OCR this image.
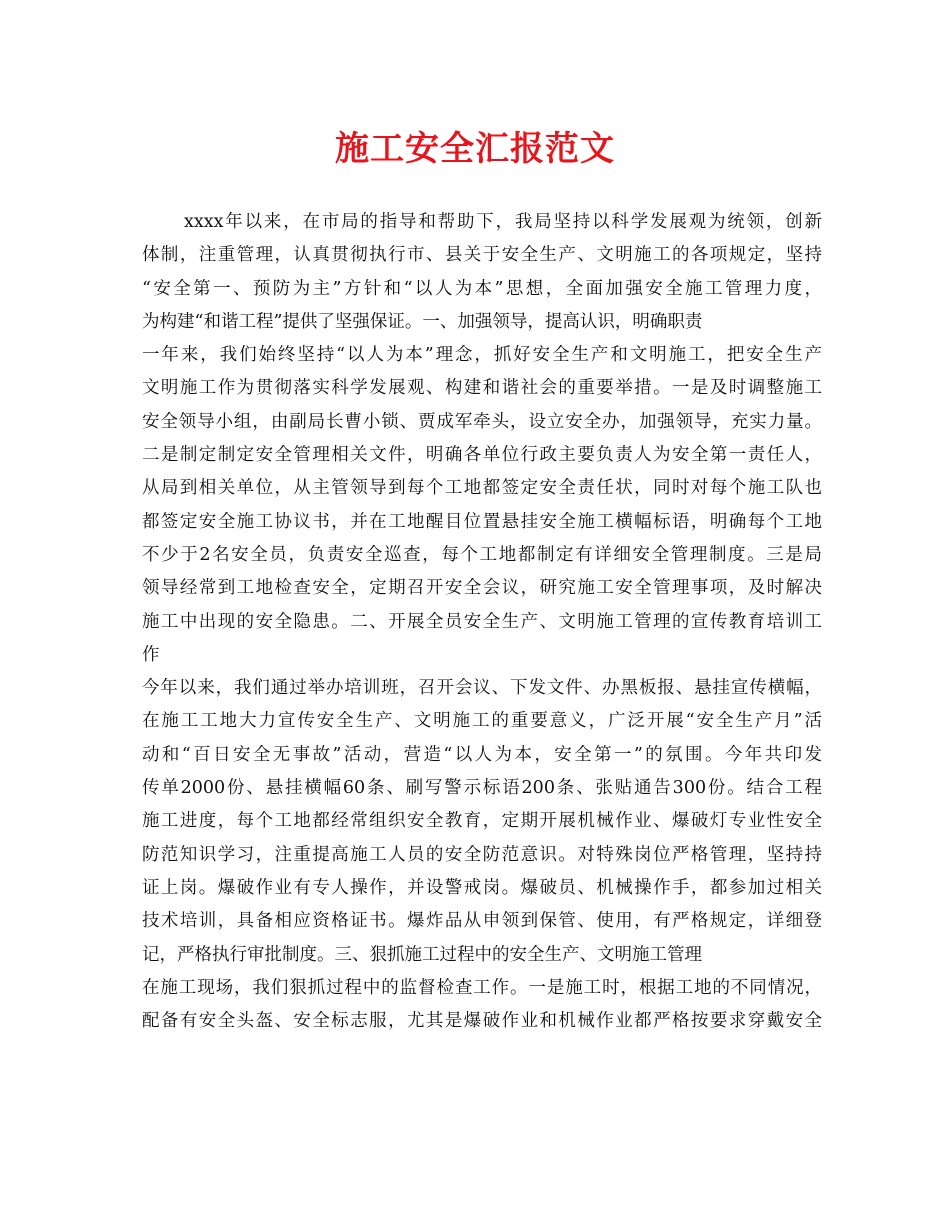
施工安全汇报范文
xxxx年以来，在市局的指导和帮助下，我局坚持以科学发展观为统领，创新
体制，注重管理，认真贯彻执行市、县关于安全生产、文明施工的各项规定，坚持
“安全第一、预防为主”方针和“以人为本”思想，全面加强安全施工管理力度，
为构建“和谐工程”提供了坚强保证。一、加强领导，提高认识，明确职责
一年来，我们始终坚持“以人为本”理念，抓好安全生产和文明施工，把安全生产
文明施工作为贯彻落实科学发展观、构建和谐社会的重要举措。一是及时调整施工
安全领导小组，由副局长曹小锁、贾成军牵头，设立安全办，加强领导，充实力量。
二是制定制定安全管理相关文件，明确各单位行政主要负责人为安全第一责任人，
从局到相关单位，从主管领导到每个工地都签定安全责任状，同时对每个施工队也
都签定安全施工协议书，并在工地醒目位置悬挂安全施工横幅标语，明确每个工地
不少于2名安全员，负责安全巡查，每个工地都制定有详细安全管理制度。三是局
领导经常到工地检查安全，定期召开安全会议，研究施工安全管理事项，及时解决
施工中出现的安全隐患。二、开展全员安全生产、文明施工管理的宣传教育培训工
作
今年以来，我们通过举办培训班，召开会议、下发文件、办黑板报、悬挂宣传横幅，
在施工工地大力宣传安全生产、文明施工的重要意义，广泛开展“安全生产月”活
动和“百日安全无事故”活动，营造“以人为本，安全第一”的氛围。今年共印发
传单2000份、悬挂横幅60条、刷写警示标语200条、张贴通告300份。结合工程
施工进度，每个工地都经常组织安全教育，定期开展机械作业、爆破灯专业性安全
防范知识学习，注重提高施工人员的安全防范意识。对特殊岗位严格管理，坚持持
证上岗。爆破作业有专人操作，并设警戒岗。爆破员、机械操作手，都参加过相关
技术培训，具备相应资格证书。爆炸品从申领到保管、使用，有严格规定，详细登
记，严格执行审批制度。三、狠抓施工过程中的安全生产、文明施工管理
在施工现场，我们狠抓过程中的监督检查工作。一是施工时，根据工地的不同情况，
配备有安全头盔、安全标志服，尤其是爆破作业和机械作业都严格按要求穿戴安全
